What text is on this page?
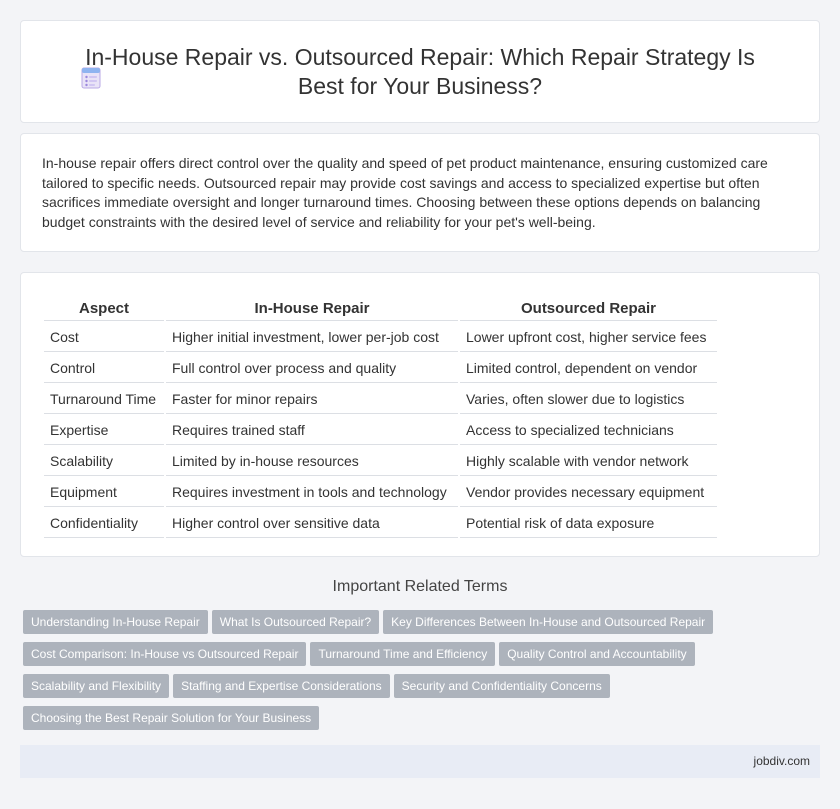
In-House Repair vs. Outsourced Repair: Which Repair Strategy Is Best for Your Business?

In-house repair offers direct control over the quality and speed of pet product maintenance, ensuring customized care tailored to specific needs. Outsourced repair may provide cost savings and access to specialized expertise but often sacrifices immediate oversight and longer turnaround times. Choosing between these options depends on balancing budget constraints with the desired level of service and reliability for your pet's well-being.

Aspect	In-House Repair	Outsourced Repair
Cost	Higher initial investment, lower per-job cost	Lower upfront cost, higher service fees
Control	Full control over process and quality	Limited control, dependent on vendor
Turnaround Time	Faster for minor repairs	Varies, often slower due to logistics
Expertise	Requires trained staff	Access to specialized technicians
Scalability	Limited by in-house resources	Highly scalable with vendor network
Equipment	Requires investment in tools and technology	Vendor provides necessary equipment
Confidentiality	Higher control over sensitive data	Potential risk of data exposure
Important Related Terms
Understanding In-House Repair What Is Outsourced Repair? Key Differences Between In-House and Outsourced RepairCost Comparison: In-House vs Outsourced Repair Turnaround Time and Efficiency Quality Control and AccountabilityScalability and Flexibility Staffing and Expertise Considerations Security and Confidentiality ConcernsChoosing the Best Repair Solution for Your Business
jobdiv.com
